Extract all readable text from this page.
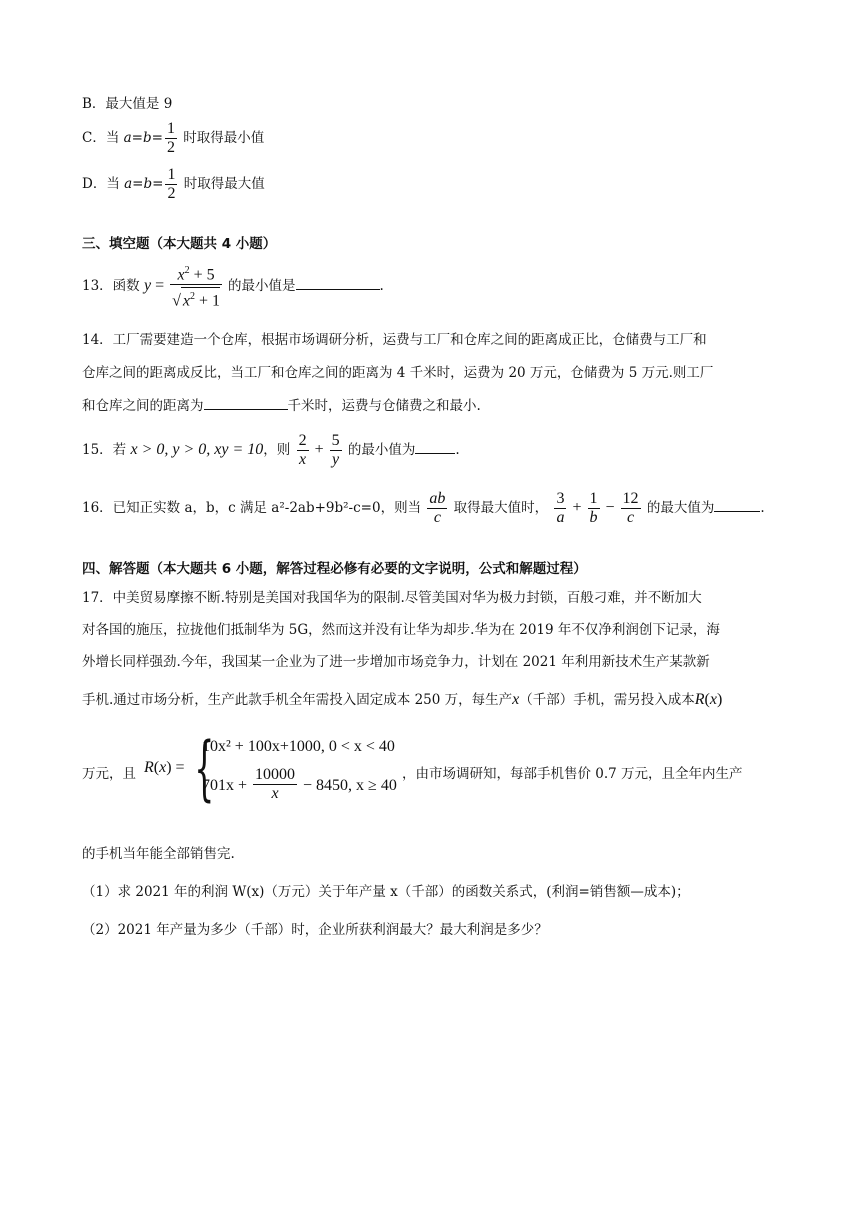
B．最大值是 9
C．当 $a=b= \frac{1}{2}$ 时取得最小值
D．当 $a=b= \frac{1}{2}$ 时取得最大值
三、填空题（本大题共 4 小题）
13．函数 $y = \frac{x^2 + 5}{√ x^2 + 1}$ 的最小值是	.
14．工厂需要建造一个仓库，根据市场调研分析，运费与工厂和仓库之间的距离成正比，仓储费与工厂和
仓库之间的距离成反比，当工厂和仓库之间的距离为 4 千米时，运费为 20 万元，仓储费为 5 万元.则工厂
和仓库之间的距离为	千米时，运费与仓储费之和最小.
15．若 x > 0, y > 0, xy = 10，则 $\frac{2}{x} + \frac{5}{y}$ 的最小值为	.
16．已知正实数 a，b，c 满足 a²-2ab+9b²-c=0，则当 $\frac{ab}{c}$ 取得最大值时， $\frac{3}{a} + \frac{1}{b} - \frac{12}{c}$ 的最大值为	.
四、解答题（本大题共 6 小题，解答过程必修有必要的文字说明，公式和解题过程）
17．中美贸易摩擦不断.特别是美国对我国华为的限制.尽管美国对华为极力封锁，百般刁难，并不断加大
对各国的施压，拉拢他们抵制华为 5G，然而这并没有让华为却步.华为在 2019 年不仅净利润创下记录，海
外增长同样强劲.今年，我国某一企业为了进一步增加市场竞争力，计划在 2021 年利用新技术生产某款新
手机.通过市场分析，生产此款手机全年需投入固定成本 250 万，每生产x（千部）手机，需另投入成本R(x)
万元，且 R(x) = {
10x² + 100x+1000, 0 < x < 40
$701x + \frac{10000}{x} - 8450$, x ≥ 40
，由市场调研知，每部手机售价 0.7 万元，且全年内生产
的手机当年能全部销售完.
（1）求 2021 年的利润 W(x)（万元）关于年产量 x（千部）的函数关系式，(利润=销售额—成本)；
（2）2021 年产量为多少（千部）时，企业所获利润最大？最大利润是多少？
